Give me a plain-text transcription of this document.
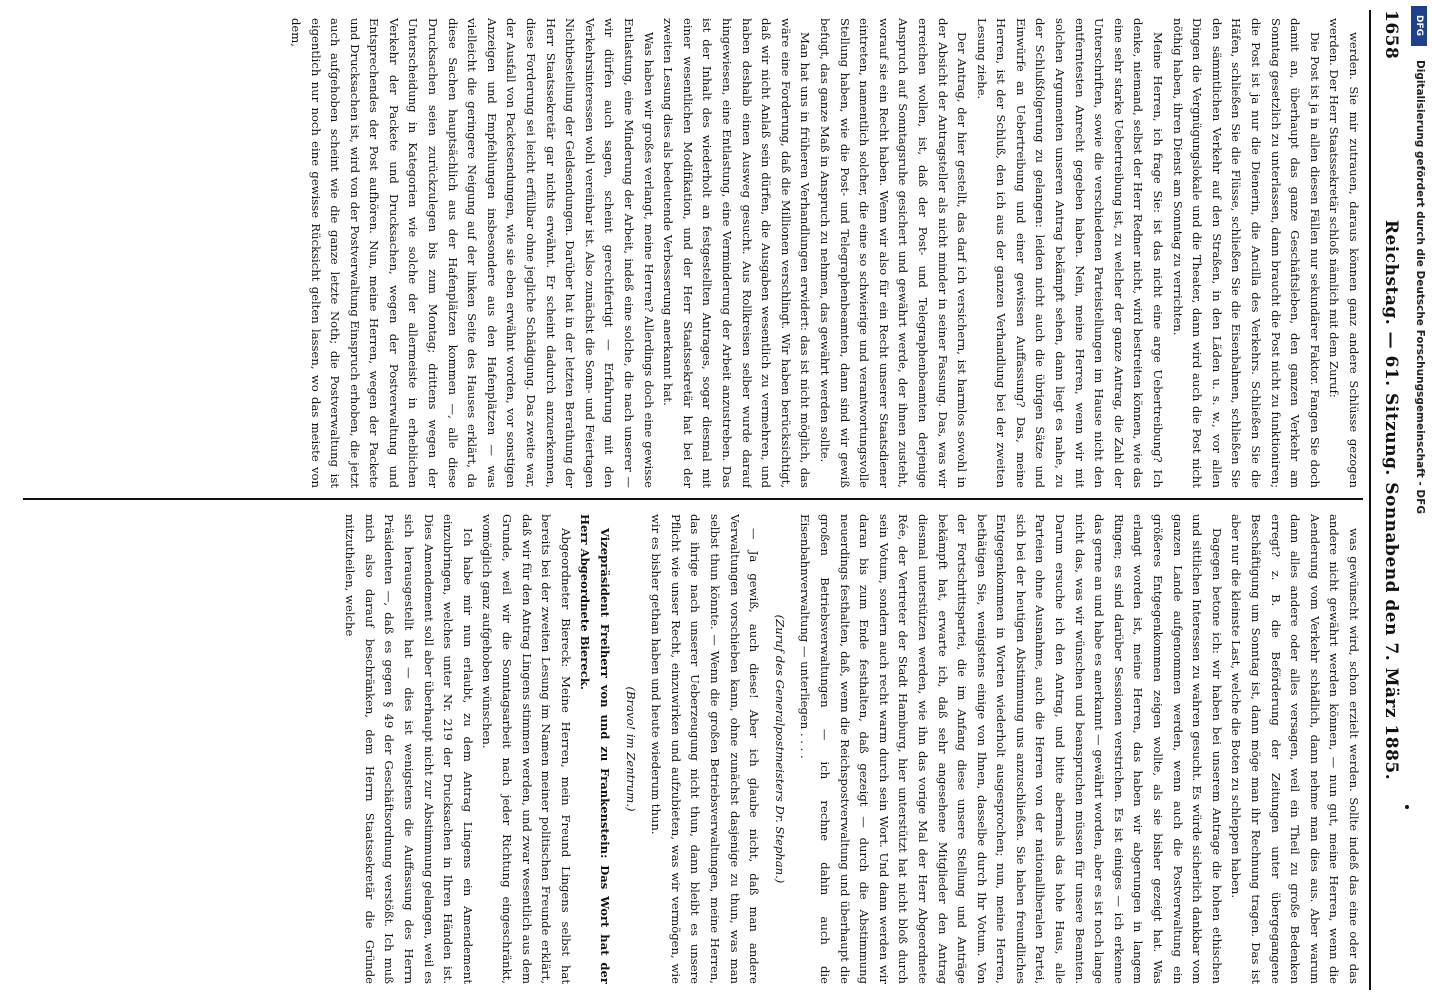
1658
Reichstag. — 61. Sitzung. Sonnabend den 7. März 1885.

werden. Sie mir zutrauen, daraus können ganz andere Schlüsse gezogen werden. Der Herr Staatssekretär schloß nämlich mit dem Zuruf:

Die Post ist ja in allen diesen Fällen nur sekundärer Faktor. Fangen Sie doch damit an, überhaupt das ganze Geschäftsleben, den ganzen Verkehr am Sonntag gesetzlich zu unterlassen, dann braucht die Post nicht zu funktioniren; die Post ist ja nur die Dienerin, die Ancilla des Verkehrs. Schließen Sie die Häfen, schließen Sie die Flüsse, schließen Sie die Eisenbahnen, schließen Sie den sämmtlichen Verkehr auf den Straßen, in den Läden u. s. w., vor allen Dingen die Vergnügungslokale und die Theater, dann wird auch die Post nicht nöthig haben, ihren Dienst am Sonntag zu verrichten.

Meine Herren, ich frage Sie: ist das nicht eine arge Uebertreibung? Ich denke, niemand, selbst der Herr Redner nicht, wird bestreiten können, wie das eine sehr starke Uebertreibung ist, zu welcher der ganze Antrag, die Zahl der Unterschriften, sowie die verschiedenen Parteistellungen im Hause nicht den entferntesten Anrecht gegeben haben. Nein, meine Herren, wenn wir mit solchen Argumenten unseren Antrag bekämpft sehen, dann liegt es nahe, zu der Schlußfolgerung zu gelangen: leiden nicht auch die übrigen Sätze und Einwürfe an Uebertreibung und einer gewissen Auffassung? Das, meine Herren, ist der Schluß, den ich aus der ganzen Verhandlung bei der zweiten Lesung ziehe.

Der Antrag, der hier gestellt, das darf ich versichern, ist harmlos sowohl in der Absicht der Antragsteller als nicht minder in seiner Fassung. Das, was wir erreichen wollen, ist, daß der Post- und Telegraphenbeamten derjenige Anspruch auf Sonntagsruhe gesichert und gewährt werde, der ihnen zusteht, worauf sie ein Recht haben. Wenn wir also für ein Recht unserer Staatsdiener eintreten, namentlich solcher, die eine so schwierige und verantwortungsvolle Stellung haben, wie die Post- und Telegraphenbeamten, dann sind wir gewiß befugt, das ganze Maß in Anspruch zu nehmen, das gewährt werden sollte.

Man hat uns in früheren Verhandlungen erwidert: das ist nicht möglich, das wäre eine Forderung, daß die Millionen verschlingt. Wir haben berücksichtigt, daß wir nicht Anlaß sein dürfen, die Ausgaben wesentlich zu vermehren, und haben deshalb einen Ausweg gesucht. Aus Rollkreisen selber wurde darauf hingewiesen, eine Entlastung, eine Verminderung der Arbeit anzustreben. Das ist der Inhalt des wiederholt an festgestellten Antrages, sogar diesmal mit einer wesentlichen Modifikation, und der Herr Staatssekretär hat bei der zweiten Lesung dies als bedeutende Verbesserung anerkannt hat.

Was haben wir großes verlangt, meine Herren? Allerdings doch eine gewisse Entlastung, eine Minderung der Arbeit, indeß eine solche, die nach unserer — wir dürfen auch sagen, scheint gerechtfertigt — Erfahrung mit den Verkehrsinteressen wohl vereinbar ist. Also zunächst die Sonn- und Feiertagen Nichtbestellung der Geldsendungen. Darüber hat in der letzten Berathung der Herr Staatssekretär gar nichts erwähnt. Er scheint dadurch anzuerkennen, diese Forderung sei leicht erfüllbar ohne jegliche Schädigung. Das zweite war, der Ausfall von Packetsendungen, wie sie eben erwähnt worden, vor sonstigen Anzeigen und Empfehlungen insbesondere aus den Hafenplätzen — was vielleicht die geringere Neigung auf der linken Seite des Hauses erklärt, da diese Sachen hauptsächlich aus der Hafenplätzen kommen —, alle diese Drucksachen seien zurückzulegen bis zum Montag; drittens wegen der Unterscheidung in Kategorien wie solche der allermeiste in erheblichen Verkehr der Packete und Drucksachen, wegen der Postverwaltung und Entsprechendes der Post aufhören. Nun, meine Herren, wegen der Packete und Drucksachen ist, wird von der Postverwaltung Einspruch erhoben, die jetzt auch aufgehoben scheint wie die ganze letzte Noth; die Postverwaltung ist eigentlich nur noch eine gewisse Rücksicht gelten lassen, wo das meiste von dem,

was gewünscht wird, schon erzielt werden. Sollte indeß das eine oder das andere nicht gewährt werden können, — nun gut, meine Herren, wenn die Aenderung vom Verkehr schädlich, dann nehme man dies aus. Aber warum dann alles andere oder alles versagen, weil ein Theil zu große Bedenken erregt? z. B. die Beförderung der Zeitungen unter übergegangene Beschäftigung um Sonntag ist, dann möge man ihr Rechnung tragen. Das ist aber nur die kleinste Last, welche die Boten zu schleppen haben.

Dagegen betone ich: wir haben bei unserem Antrage die hohen ethischen und sittlichen Interessen zu wahren gesucht. Es würde sicherlich dankbar vom ganzen Lande aufgenommen werden, wenn auch die Postverwaltung ein größeres Entgegenkommen zeigen wollte, als sie bisher gezeigt hat. Was erlangt worden ist, meine Herren, das haben wir abgerungen in langem Ringen; es sind darüber Sessionen verstrichen. Es ist einiges — ich erkenne das gerne an und habe es anerkannt — gewährt worden, aber es ist noch lange nicht das, was wir wünschen und beanspruchen müssen für unsere Beamten. Darum ersuche ich den Antrag, und bitte abermals das hohe Haus, alle Parteien ohne Ausnahme, auch die Herren von der nationalliberalen Partei, sich bei der heutigen Abstimmung uns anzuschließen. Sie haben freundliches Entgegenkommen in Worten wiederholt ausgesprochen; nun, meine Herren, bethätigen Sie, wenigstens einige von Ihnen, dasselbe durch Ihr Votum. Von der Fortschrittspartei, die im Anfang diese unsere Stellung und Anträge bekämpft hat, erwarte ich, daß sehr angesehene Mitglieder den Antrag diesmal unterstützen werden, wie ihn das vorige Mal der Herr Abgeordnete Rée, der Vertreter der Stadt Hamburg, hier unterstützt hat nicht bloß durch sein Votum, sondern auch recht warm durch sein Wort. Und dann werden wir daran bis zum Ende festhalten, daß gezeigt — durch die Abstimmung neuerdings festhalten, daß, wenn die Reichspostverwaltung und überhaupt die großen Betriebsverwaltungen — ich rechne dahin auch die Eisenbahnverwaltung — unterliegen . . . .

(Zuruf des Generalpostmeisters Dr. Stephan.)

— Ja gewiß, auch diese! Aber ich glaube nicht, daß man andere Verwaltungen vorschieben kann, ohne zunächst dasjenige zu thun, was man selbst thun könnte. — Wenn die großen Betriebsverwaltungen, meine Herren, das ihrige nach unserer Ueberzeugung nicht thun, dann bleibt es unsere Pflicht wie unser Recht, einzuwirken und aufzubieten, was wir vermögen, wie wir es bisher gethan haben und heute wiederum thun.

(Bravo! im Zentrum.)

Vizepräsident Freiherr von und zu Frankenstein: Das Wort hat der Herr Abgeordnete Biereck.

Abgeordneter Biereck: Meine Herren, mein Freund Lingens selbst hat bereits bei der zweiten Lesung im Namen meiner politischen Freunde erklärt, daß wir für den Antrag Lingens stimmen werden, und zwar wesentlich aus dem Grunde, weil wir die Sonntagsarbeit nach jeder Richtung eingeschränkt, womöglich ganz aufgehoben wünschen.

Ich habe mir nun erlaubt, zu dem Antrag Lingens ein Amendement einzubringen, welches unter Nr. 219 der Drucksachen in Ihren Händen ist. Dies Amendement soll aber überhaupt nicht zur Abstimmung gelangen, weil es sich herausgestellt hat — dies ist wenigstens die Auffassung des Herrn Präsidenten —, daß es gegen § 49 der Geschäftsordnung verstößt. Ich muß mich also darauf beschränken, dem Herrn Staatssekretär die Gründe mitzutheilen, welche

DFG
Digitalisierung gefördert durch die Deutsche Forschungsgemeinschaft - DFG
